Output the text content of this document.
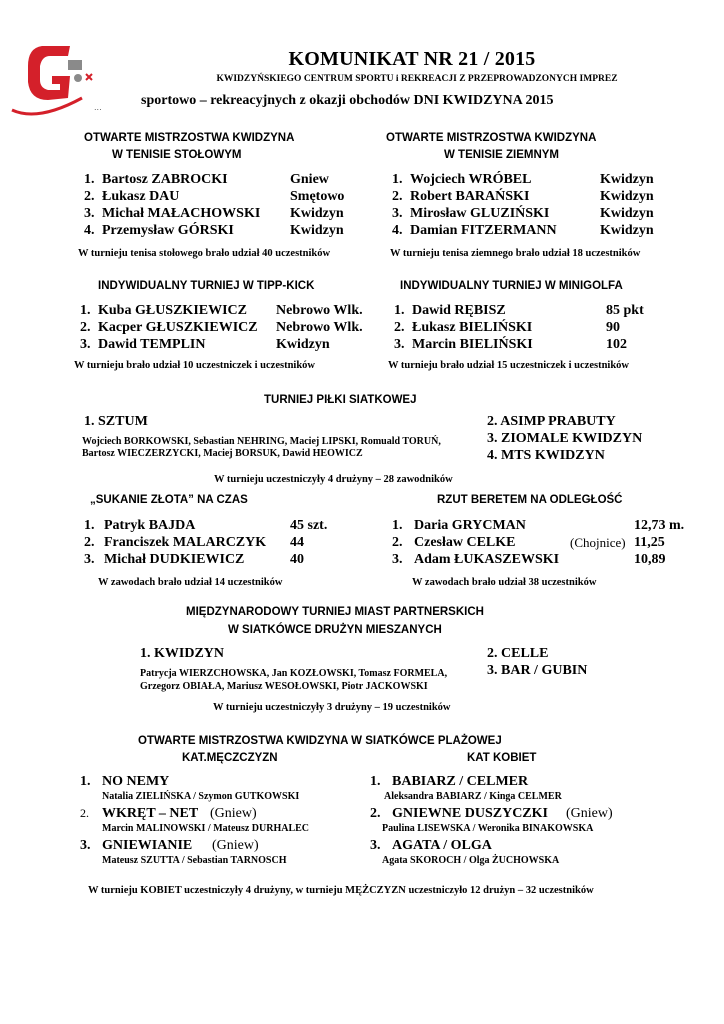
...
KOMUNIKAT NR 21 / 2015
KWIDZYŃSKIEGO CENTRUM SPORTU i REKREACJI Z PRZEPROWADZONYCH IMPREZ
sportowo – rekreacyjnych z okazji obchodów DNI KWIDZYNA 2015
OTWARTE MISTRZOSTWA KWIDZYNA
W TENISIE STOŁOWYM
1. Bartosz ZABROCKI	Gniew
2. Łukasz DAU	Smętowo
3. Michał MAŁACHOWSKI Kwidzyn
4. Przemysław GÓRSKI	Kwidzyn
W turnieju tenisa stołowego brało udział 40 uczestników
OTWARTE MISTRZOSTWA KWIDZYNA
W TENISIE ZIEMNYM
1. Wojciech WRÓBEL	Kwidzyn
2. Robert BARAŃSKI	Kwidzyn
3. Mirosław GLUZIŃSKI	Kwidzyn
4. Damian FITZERMANN	Kwidzyn
W turnieju tenisa ziemnego brało udział 18 uczestników
INDYWIDUALNY TURNIEJ W TIPP-KICK
1. Kuba GŁUSZKIEWICZ Nebrowo Wlk.
2. Kacper GŁUSZKIEWICZ Nebrowo Wlk.
3. Dawid TEMPLIN	Kwidzyn
W turnieju brało udział 10 uczestniczek i uczestników
INDYWIDUALNY TURNIEJ W MINIGOLFA
1. Dawid RĘBISZ	85 pkt
2. Łukasz BIELIŃSKI	90
3. Marcin BIELIŃSKI	102
W turnieju brało udział 15 uczestniczek i uczestników
TURNIEJ PIŁKI SIATKOWEJ
1. SZTUM
Wojciech BORKOWSKI, Sebastian NEHRING, Maciej LIPSKI, Romuald TORUŃ,
Bartosz WIECZERZYCKI, Maciej BORSUK, Dawid HEOWICZ
2. ASIMP PRABUTY
3. ZIOMALE KWIDZYN
4. MTS KWIDZYN
W turnieju uczestniczyły 4 drużyny – 28 zawodników
„SUKANIE ZŁOTA” NA CZAS
1. Patryk BAJDA	45 szt.
2. Franciszek MALARCZYK 44
3. Michał DUDKIEWICZ	40
W zawodach brało udział 14 uczestników
RZUT BERETEM NA ODLEGŁOŚĆ
1. Daria GRYCMAN	12,73 m.
2. Czesław CELKE	(Chojnice) 11,25
3. Adam ŁUKASZEWSKI	10,89
W zawodach brało udział 38 uczestników
MIĘDZYNARODOWY TURNIEJ MIAST PARTNERSKICH
W SIATKÓWCE DRUŻYN MIESZANYCH
1. KWIDZYN
Patrycja WIERZCHOWSKA, Jan KOZŁOWSKI, Tomasz FORMELA,
Grzegorz OBIAŁA, Mariusz WESOŁOWSKI, Piotr JACKOWSKI
2. CELLE
3. BAR / GUBIN
W turnieju uczestniczyły 3 drużyny – 19 uczestników
OTWARTE MISTRZOSTWA KWIDZYNA W SIATKÓWCE PLAŻOWEJ
KAT.MĘCZCZYZN	KAT KOBIET
1. NO NEMY
Natalia ZIELIŃSKA / Szymon GUTKOWSKI
2. WKRĘT – NET (Gniew)
Marcin MALINOWSKI / Mateusz DURHALEC
3. GNIEWIANIE (Gniew)
Mateusz SZUTTA / Sebastian TARNOSCH
1. BABIARZ / CELMER
Aleksandra BABIARZ / Kinga CELMER
2. GNIEWNE DUSZYCZKI (Gniew)
Paulina LISEWSKA / Weronika BINAKOWSKA
3. AGATA / OLGA
Agata SKOROCH / Olga ŻUCHOWSKA
W turnieju KOBIET uczestniczyły 4 drużyny, w turnieju MĘŻCZYZN uczestniczyło 12 drużyn – 32 uczestników
